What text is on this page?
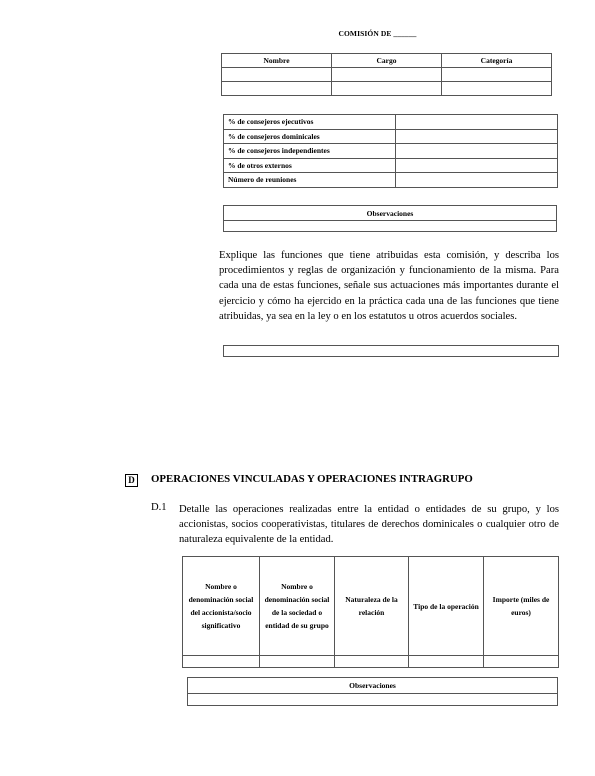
COMISIÓN DE ______
Nombre	Cargo	Categoría

% de consejeros ejecutivos	
% de consejeros dominicales	
% de consejeros independientes	
% de otros externos	
Número de reuniones	
Observaciones

Explique las funciones que tiene atribuidas esta comisión, y describa los procedimientos y reglas de organización y funcionamiento de la misma. Para cada una de estas funciones, señale sus actuaciones más importantes durante el ejercicio y cómo ha ejercido en la práctica cada una de las funciones que tiene atribuidas, ya sea en la ley o en los estatutos u otros acuerdos sociales.
D	OPERACIONES VINCULADAS Y OPERACIONES INTRAGRUPO
D.1 Detalle las operaciones realizadas entre la entidad o entidades de su grupo, y los accionistas, socios cooperativistas, titulares de derechos dominicales o cualquier otro de naturaleza equivalente de la entidad.
Nombre o denominación social del accionista/socio significativo	Nombre o denominación social de la sociedad o entidad de su grupo	Naturaleza de la relación	Tipo de la operación	Importe (miles de euros)

Observaciones
